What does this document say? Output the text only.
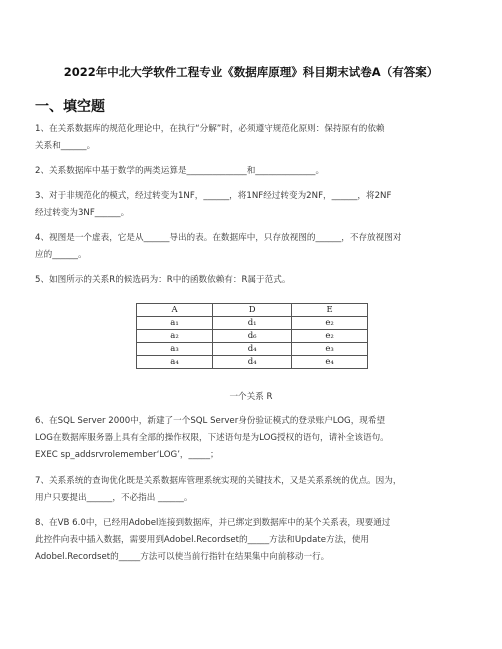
2022年中北大学软件工程专业《数据库原理》科目期末试卷A（有答案）
一、填空题
1、在关系数据库的规范化理论中，在执行“分解”时，必须遵守规范化原则：保持原有的依赖
关系和______。
2、关系数据库中基于数学的两类运算是______________和______________。
3、对于非规范化的模式，经过转变为1NF，______，将1NF经过转变为2NF，______，将2NF
经过转变为3NF______。
4、视图是一个虚表，它是从______导出的表。在数据库中，只存放视图的______，不存放视图对
应的______。
5、如图所示的关系R的候选码为：R中的函数依赖有：R属于范式。
A	D	E
a₁	d₁	e₂
a₂	d₆	e₂
a₃	d₄	e₃
a₄	d₄	e₄
一个关系 R
6、在SQL Server 2000中，新建了一个SQL Server身份验证模式的登录账户LOG，现希望
LOG在数据库服务器上具有全部的操作权限，下述语句是为LOG授权的语句，请补全该语句。
EXEC sp_addsrvrolemember‘LOG’，_____；
7、关系系统的查询优化既是关系数据库管理系统实现的关键技术，又是关系系统的优点。因为，
用户只要提出______，不必指出 ______。
8、在VB 6.0中，已经用Adobel连接到数据库，并已绑定到数据库中的某个关系表，现要通过
此控件向表中插入数据，需要用到Adobel.Recordset的_____方法和Update方法，使用
Adobel.Recordset的_____方法可以使当前行指针在结果集中向前移动一行。
